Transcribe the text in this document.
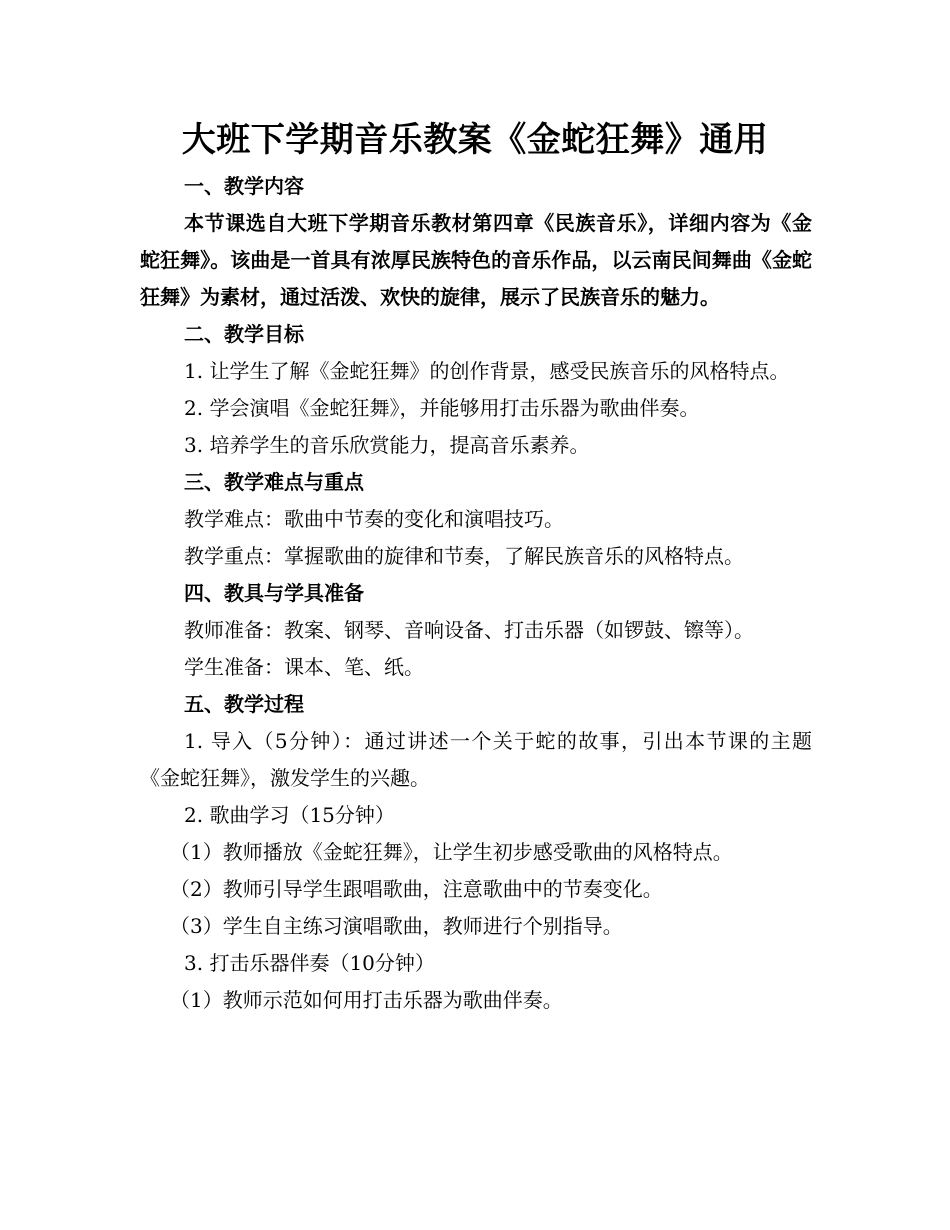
大班下学期音乐教案《金蛇狂舞》通用

一、教学内容

本节课选自大班下学期音乐教材第四章《民族音乐》，详细内容为《金蛇狂舞》。该曲是一首具有浓厚民族特色的音乐作品，以云南民间舞曲《金蛇狂舞》为素材，通过活泼、欢快的旋律，展示了民族音乐的魅力。

二、教学目标

1. 让学生了解《金蛇狂舞》的创作背景，感受民族音乐的风格特点。

2. 学会演唱《金蛇狂舞》，并能够用打击乐器为歌曲伴奏。

3. 培养学生的音乐欣赏能力，提高音乐素养。

三、教学难点与重点

教学难点：歌曲中节奏的变化和演唱技巧。

教学重点：掌握歌曲的旋律和节奏，了解民族音乐的风格特点。

四、教具与学具准备

教师准备：教案、钢琴、音响设备、打击乐器（如锣鼓、镲等）。

学生准备：课本、笔、纸。

五、教学过程

1. 导入（5分钟）：通过讲述一个关于蛇的故事，引出本节课的主题《金蛇狂舞》，激发学生的兴趣。

2. 歌曲学习（15分钟）

（1）教师播放《金蛇狂舞》，让学生初步感受歌曲的风格特点。

（2）教师引导学生跟唱歌曲，注意歌曲中的节奏变化。

（3）学生自主练习演唱歌曲，教师进行个别指导。

3. 打击乐器伴奏（10分钟）

（1）教师示范如何用打击乐器为歌曲伴奏。
